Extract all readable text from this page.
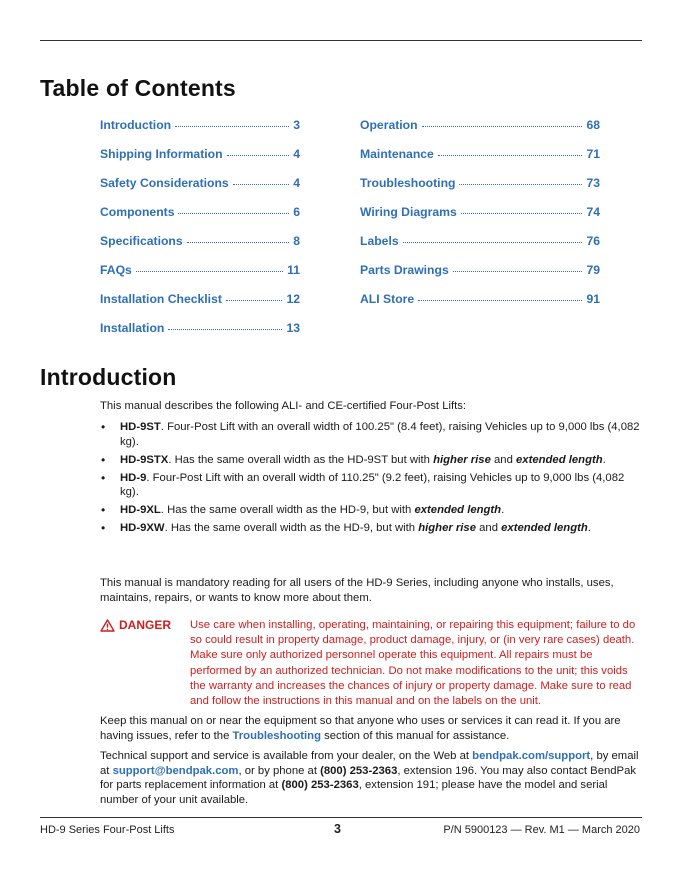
Table of Contents
Introduction	3
Shipping Information	4
Safety Considerations	4
Components	6
Specifications	8
FAQs	11
Installation Checklist	12
Installation	13
Operation	68
Maintenance	71
Troubleshooting	73
Wiring Diagrams	74
Labels	76
Parts Drawings	79
ALI Store	91
Introduction
This manual describes the following ALI- and CE-certified Four-Post Lifts:
• HD-9ST. Four-Post Lift with an overall width of 100.25" (8.4 feet), raising Vehicles up to 9,000 lbs (4,082 kg).
• HD-9STX. Has the same overall width as the HD-9ST but with higher rise and extended length.
• HD-9. Four-Post Lift with an overall width of 110.25" (9.2 feet), raising Vehicles up to 9,000 lbs (4,082 kg).
• HD-9XL. Has the same overall width as the HD-9, but with extended length.
• HD-9XW. Has the same overall width as the HD-9, but with higher rise and extended length.
This manual is mandatory reading for all users of the HD-9 Series, including anyone who installs, uses, maintains, repairs, or wants to know more about them.
DANGER Use care when installing, operating, maintaining, or repairing this equipment; failure to do so could result in property damage, product damage, injury, or (in very rare cases) death. Make sure only authorized personnel operate this equipment. All repairs must be performed by an authorized technician. Do not make modifications to the unit; this voids the warranty and increases the chances of injury or property damage. Make sure to read and follow the instructions in this manual and on the labels on the unit.
Keep this manual on or near the equipment so that anyone who uses or services it can read it. If you are having issues, refer to the Troubleshooting section of this manual for assistance.
Technical support and service is available from your dealer, on the Web at bendpak.com/support, by email at support@bendpak.com, or by phone at (800) 253-2363, extension 196. You may also contact BendPak for parts replacement information at (800) 253-2363, extension 191; please have the model and serial number of your unit available.
HD-9 Series Four-Post Lifts	3	P/N 5900123 — Rev. M1 — March 2020
